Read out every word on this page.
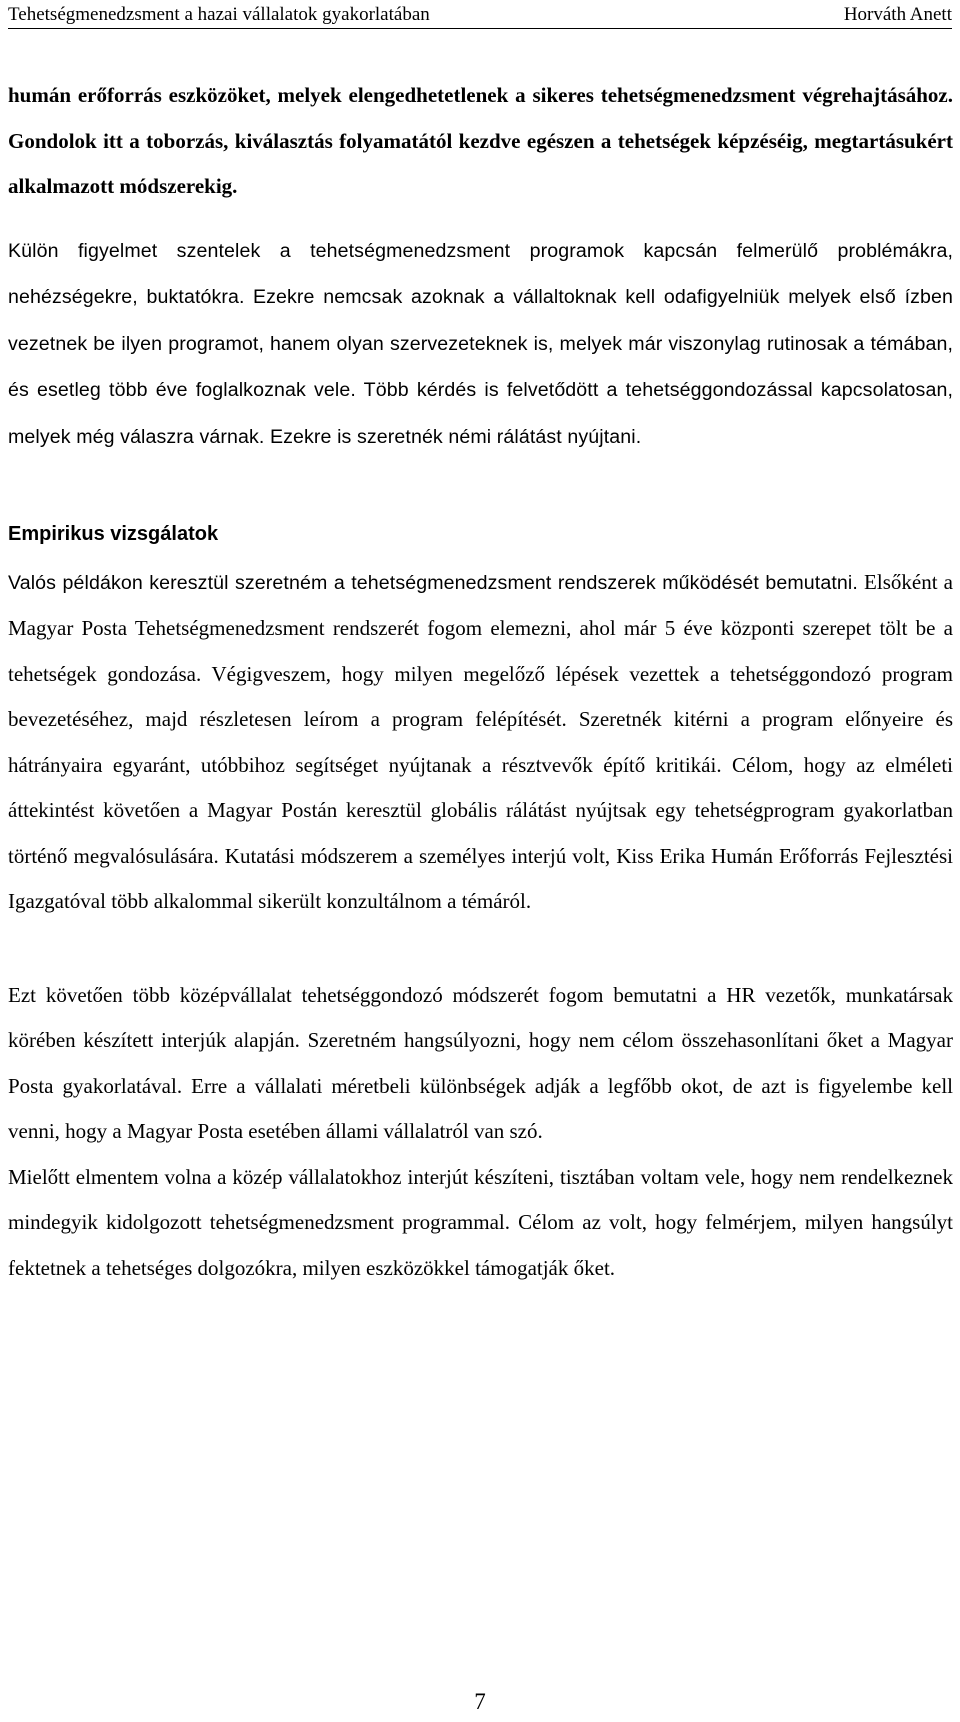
Tehetségmenedzsment a hazai vállalatok gyakorlatában	Horváth Anett

humán erőforrás eszközöket, melyek elengedhetetlenek a sikeres tehetségmenedzsment végrehajtásához. Gondolok itt a toborzás, kiválasztás folyamatától kezdve egészen a tehetségek képzéséig, megtartásukért alkalmazott módszerekig.

Külön figyelmet szentelek a tehetségmenedzsment programok kapcsán felmerülő problémákra, nehézségekre, buktatókra. Ezekre nemcsak azoknak a vállaltoknak kell odafigyelniük melyek első ízben vezetnek be ilyen programot, hanem olyan szervezeteknek is, melyek már viszonylag rutinosak a témában, és esetleg több éve foglalkoznak vele. Több kérdés is felvetődött a tehetséggondozással kapcsolatosan, melyek még válaszra várnak. Ezekre is szeretnék némi rálátást nyújtani.

Empirikus vizsgálatok

Valós példákon keresztül szeretném a tehetségmenedzsment rendszerek működését bemutatni. Elsőként a Magyar Posta Tehetségmenedzsment rendszerét fogom elemezni, ahol már 5 éve központi szerepet tölt be a tehetségek gondozása. Végigveszem, hogy milyen megelőző lépések vezettek a tehetséggondozó program bevezetéséhez, majd részletesen leírom a program felépítését. Szeretnék kitérni a program előnyeire és hátrányaira egyaránt, utóbbihoz segítséget nyújtanak a résztvevők építő kritikái. Célom, hogy az elméleti áttekintést követően a Magyar Postán keresztül globális rálátást nyújtsak egy tehetségprogram gyakorlatban történő megvalósulására. Kutatási módszerem a személyes interjú volt, Kiss Erika Humán Erőforrás Fejlesztési Igazgatóval több alkalommal sikerült konzultálnom a témáról.

Ezt követően több középvállalat tehetséggondozó módszerét fogom bemutatni a HR vezetők, munkatársak körében készített interjúk alapján. Szeretném hangsúlyozni, hogy nem célom összehasonlítani őket a Magyar Posta gyakorlatával. Erre a vállalati méretbeli különbségek adják a legfőbb okot, de azt is figyelembe kell venni, hogy a Magyar Posta esetében állami vállalatról van szó.

Mielőtt elmentem volna a közép vállalatokhoz interjút készíteni, tisztában voltam vele, hogy nem rendelkeznek mindegyik kidolgozott tehetségmenedzsment programmal. Célom az volt, hogy felmérjem, milyen hangsúlyt fektetnek a tehetséges dolgozókra, milyen eszközökkel támogatják őket.

7
